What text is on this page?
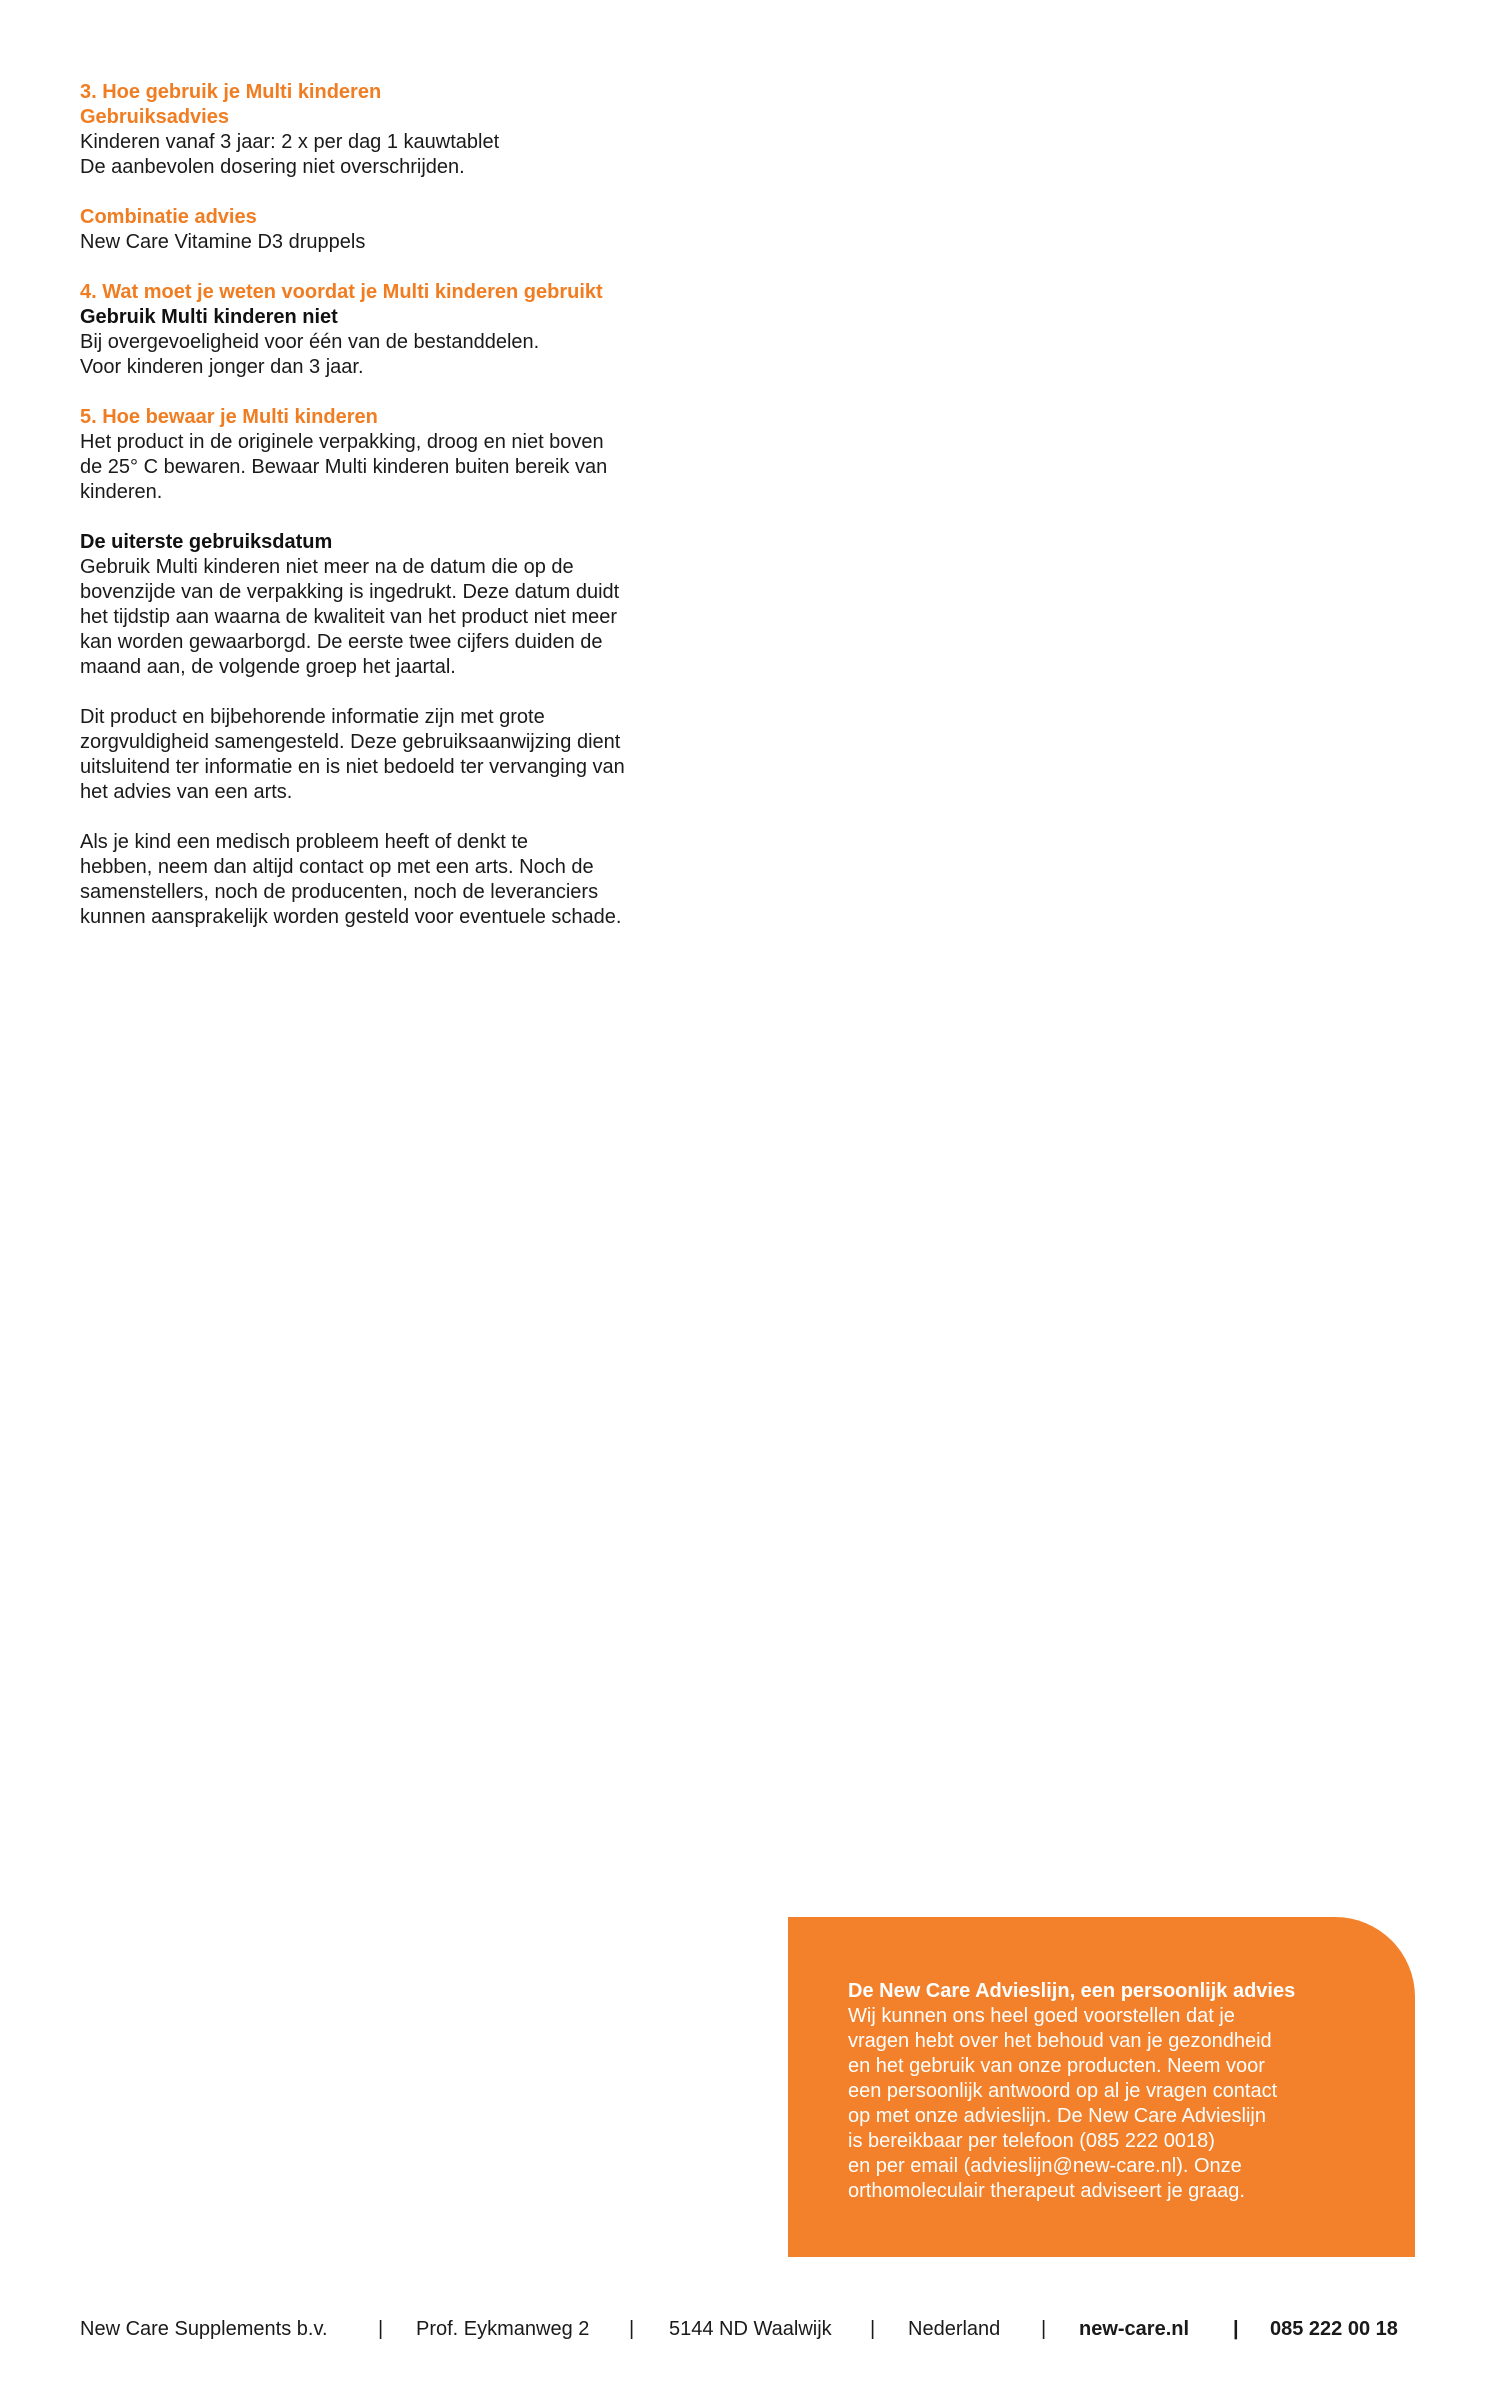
3. Hoe gebruik je Multi kinderen
Gebruiksadvies
Kinderen vanaf 3 jaar: 2 x per dag 1 kauwtablet
De aanbevolen dosering niet overschrijden.
Combinatie advies
New Care Vitamine D3 druppels
4. Wat moet je weten voordat je Multi kinderen gebruikt
Gebruik Multi kinderen niet
Bij overgevoeligheid voor één van de bestanddelen.
Voor kinderen jonger dan 3 jaar.
5. Hoe bewaar je Multi kinderen
Het product in de originele verpakking, droog en niet boven
de 25° C bewaren. Bewaar Multi kinderen buiten bereik van
kinderen.
De uiterste gebruiksdatum
Gebruik Multi kinderen niet meer na de datum die op de
bovenzijde van de verpakking is ingedrukt. Deze datum duidt
het tijdstip aan waarna de kwaliteit van het product niet meer
kan worden gewaarborgd. De eerste twee cijfers duiden de
maand aan, de volgende groep het jaartal.
Dit product en bijbehorende informatie zijn met grote
zorgvuldigheid samengesteld. Deze gebruiksaanwijzing dient
uitsluitend ter informatie en is niet bedoeld ter vervanging van
het advies van een arts.
Als je kind een medisch probleem heeft of denkt te
hebben, neem dan altijd contact op met een arts. Noch de
samenstellers, noch de producenten, noch de leveranciers
kunnen aansprakelijk worden gesteld voor eventuele schade.
De New Care Advieslijn, een persoonlijk advies
Wij kunnen ons heel goed voorstellen dat je
vragen hebt over het behoud van je gezondheid
en het gebruik van onze producten. Neem voor
een persoonlijk antwoord op al je vragen contact
op met onze advieslijn. De New Care Advieslijn
is bereikbaar per telefoon (085 222 0018)
en per email (advieslijn@new-care.nl). Onze
orthomoleculair therapeut adviseert je graag.
New Care Supplements b.v.	| Prof. Eykmanweg 2 | 5144 ND Waalwijk | Nederland | new-care.nl | 085 222 00 18
